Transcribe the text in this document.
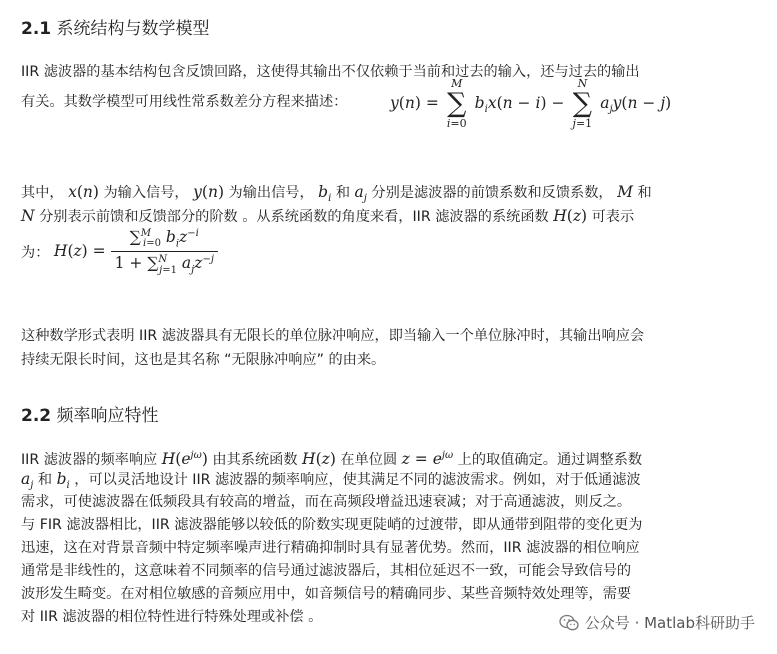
2.1 系统结构与数学模型
IIR 滤波器的基本结构包含反馈回路，这使得其输出不仅依赖于当前和过去的输入，还与过去的输出
有关。其数学模型可用线性常系数差分方程来描述：	y(n) =
M
∑
i=0
$b_ix(n - i)$ −
N
∑
j=1
$a_jy(n - j)$
其中， x(n) 为输入信号， y(n) 为输出信号， $b_i$ 和 $a_j$ 分别是滤波器的前馈系数和反馈系数， M 和
N 分别表示前馈和反馈部分的阶数 。从系统函数的角度来看，IIR 滤波器的系统函数 H(z) 可表示
为： $H(z) = \frac{\sum^M_{i=0} b_iz^{-i}}{1 + \sum^N_{j=1} a_jz^{-j}}$
这种数学形式表明 IIR 滤波器具有无限长的单位脉冲响应，即当输入一个单位脉冲时，其输出响应会
持续无限长时间，这也是其名称 “无限脉冲响应” 的由来。
2.2 频率响应特性
IIR 滤波器的频率响应 $H(e^{j\omega})$ 由其系统函数 H(z) 在单位圆 $z = e^{j\omega}$ 上的取值确定。通过调整系数
$a_j$ 和 $b_i$ ，可以灵活地设计 IIR 滤波器的频率响应，使其满足不同的滤波需求。例如，对于低通滤波
需求，可使滤波器在低频段具有较高的增益，而在高频段增益迅速衰减；对于高通滤波，则反之。
与 FIR 滤波器相比，IIR 滤波器能够以较低的阶数实现更陡峭的过渡带，即从通带到阻带的变化更为
迅速，这在对背景音频中特定频率噪声进行精确抑制时具有显著优势。然而，IIR 滤波器的相位响应
通常是非线性的，这意味着不同频率的信号通过滤波器后，其相位延迟不一致，可能会导致信号的
波形发生畸变。在对相位敏感的音频应用中，如音频信号的精确同步、某些音频特效处理等，需要
对 IIR 滤波器的相位特性进行特殊处理或补偿 。	公众号 · Matlab科研助手
